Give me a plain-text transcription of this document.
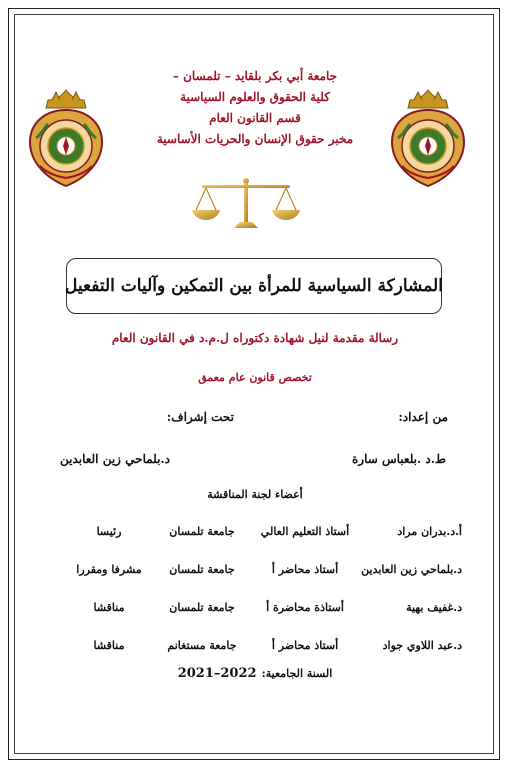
جامعة أبي بكر بلقايد – تلمسان –
كلية الحقوق والعلوم السياسية
قسم القانون العام
مخبر حقوق الإنسان والحريات الأساسية
المشاركة السياسية للمرأة بين التمكين وآليات التفعيل
رسالة مقدمة لنيل شهادة دكتوراه ل.م.د في القانون العام
تخصص قانون عام معمق
من إعداد:
تحت إشراف:
ط.د .بلعباس سارة
د.بلماحي زين العابدين
أعضاء لجنة المناقشة
أ.د.بدران مراد
أستاذ التعليم العالي
جامعة تلمسان
رئيسا
د.بلماحي زين العابدين
أستاذ محاضر أ
جامعة تلمسان
مشرفا ومقررا
د.غفيف بهية
أستاذة محاضرة أ
جامعة تلمسان
مناقشا
د.عبد اللاوي جواد
أستاذ محاضر أ
جامعة مستغانم
مناقشا
السنة الجامعية: 2021–2022
